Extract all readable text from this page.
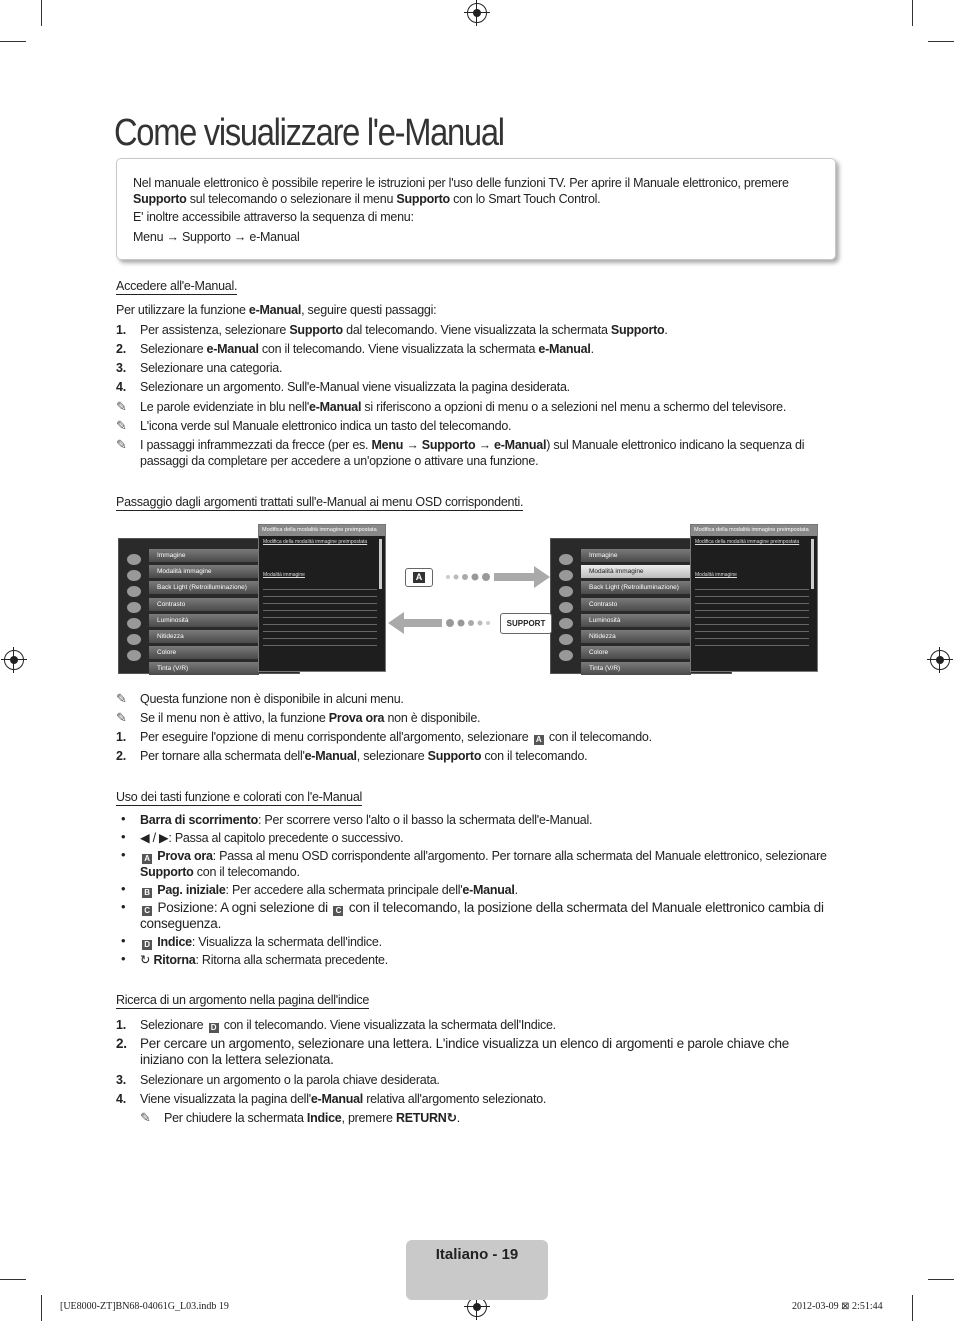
Come visualizzare l'e-Manual

Nel manuale elettronico è possibile reperire le istruzioni per l'uso delle funzioni TV. Per aprire il Manuale elettronico, premere Supporto sul telecomando o selezionare il menu Supporto con lo Smart Touch Control.

E' inoltre accessibile attraverso la sequenza di menu:

Menu → Supporto → e-Manual

Accedere all'e-Manual.
Per utilizzare la funzione e-Manual, seguire questi passaggi:
1. Per assistenza, selezionare Supporto dal telecomando. Viene visualizzata la schermata Supporto.
2. Selezionare e-Manual con il telecomando. Viene visualizzata la schermata e-Manual.
3. Selezionare una categoria.
4. Selezionare un argomento. Sull'e-Manual viene visualizzata la pagina desiderata.
✎ Le parole evidenziate in blu nell'e-Manual si riferiscono a opzioni di menu o a selezioni nel menu a schermo del televisore.
✎ L'icona verde sul Manuale elettronico indica un tasto del telecomando.
✎ I passaggi inframmezzati da frecce (per es. Menu → Supporto → e-Manual) sul Manuale elettronico indicano la sequenza di passaggi da completare per accedere a un'opzione o attivare una funzione.
Passaggio dagli argomenti trattati sull'e-Manual ai menu OSD corrispondenti.
Immagine
Modalità immagine
Back Light (Retroilluminazione)
Contrasto
Luminosità
Nitidezza
Colore
Tinta (V/R)
Modifica della modalità immagine preimpostata
Modifica della modalità immagine preimpostata
Modalità immagine
Immagine
Modalità immagine
Back Light (Retroilluminazione)
Contrasto
Luminosità
Nitidezza
Colore
Tinta (V/R)
Modifica della modalità immagine preimpostata
Modifica della modalità immagine preimpostata
Modalità immagine
A
SUPPORT
✎ Questa funzione non è disponibile in alcuni menu.
✎ Se il menu non è attivo, la funzione Prova ora non è disponibile.
1. Per eseguire l'opzione di menu corrispondente all'argomento, selezionare A con il telecomando.
2. Per tornare alla schermata dell'e-Manual, selezionare Supporto con il telecomando.
Uso dei tasti funzione e colorati con l'e-Manual
• Barra di scorrimento: Per scorrere verso l'alto o il basso la schermata dell'e-Manual.
• ◀ / ▶: Passa al capitolo precedente o successivo.
•	A Prova ora: Passa al menu OSD corrispondente all'argomento. Per tornare alla schermata del Manuale elettronico, selezionare Supporto con il telecomando.
•	B Pag. iniziale: Per accedere alla schermata principale dell'e-Manual.
•	C Posizione: A ogni selezione di C con il telecomando, la posizione della schermata del Manuale elettronico cambia di conseguenza.
•	D Indice: Visualizza la schermata dell'indice.
• ↻ Ritorna: Ritorna alla schermata precedente.
Ricerca di un argomento nella pagina dell'indice
1. Selezionare D con il telecomando. Viene visualizzata la schermata dell'Indice.
2. Per cercare un argomento, selezionare una lettera. L'indice visualizza un elenco di argomenti e parole chiave che iniziano con la lettera selezionata.
3. Selezionare un argomento o la parola chiave desiderata.
4. Viene visualizzata la pagina dell'e-Manual relativa all'argomento selezionato.
✎ Per chiudere la schermata Indice, premere RETURN↻.
Italiano - 19
[UE8000-ZT]BN68-04061G_L03.indb 19	2012-03-09 ⊠ 2:51:44
